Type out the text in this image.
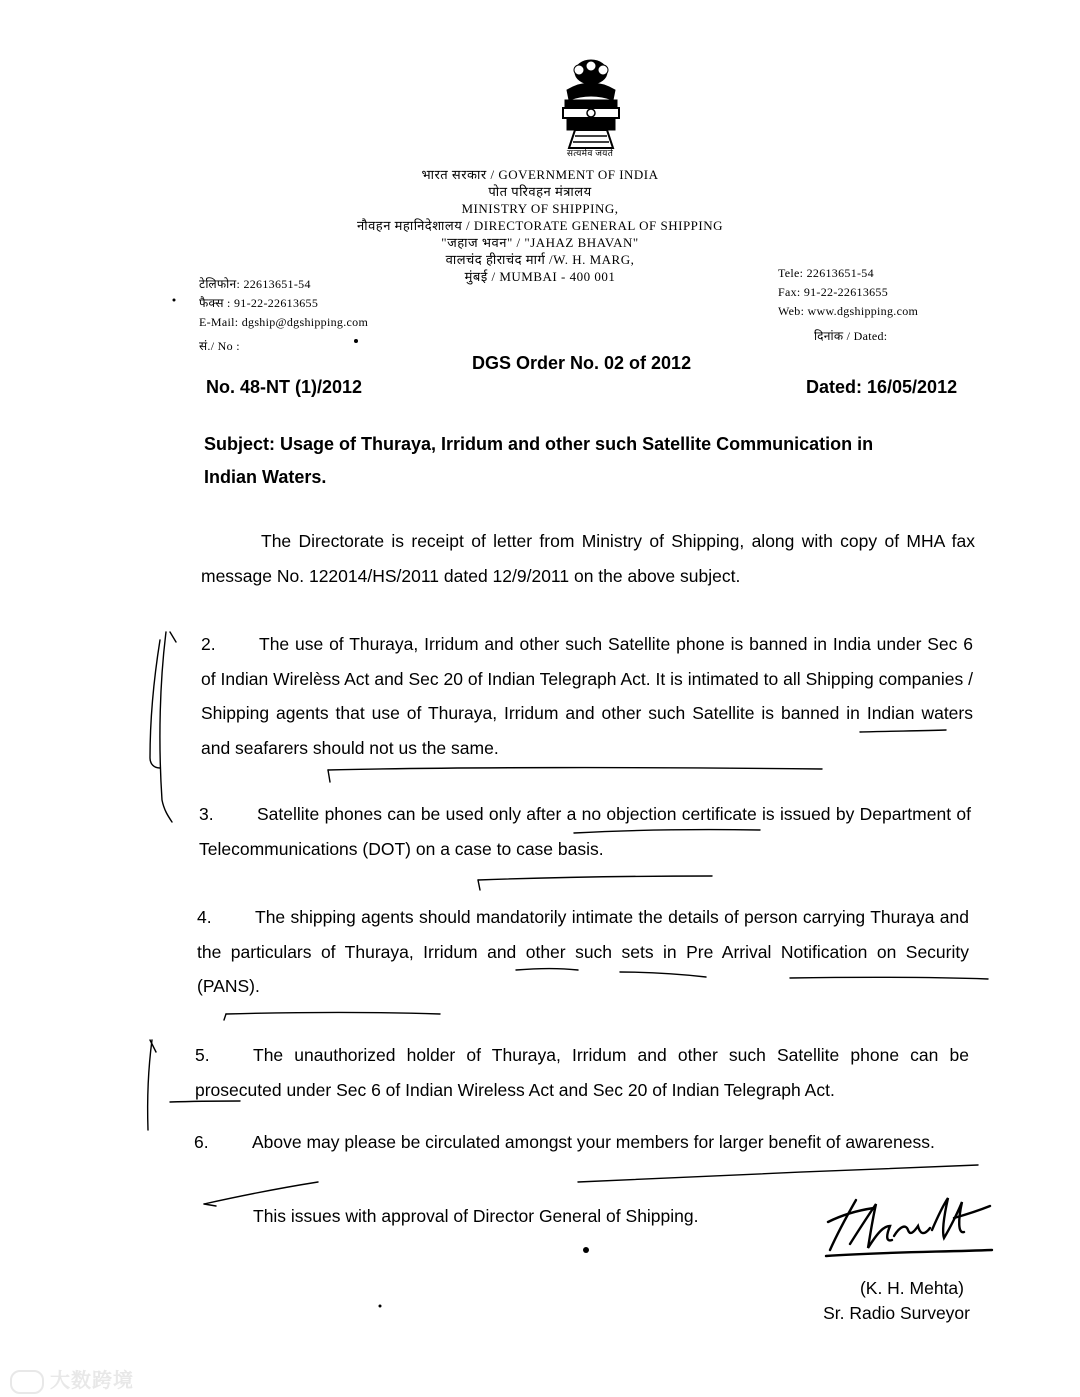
सत्यमेव जयते
भारत सरकार / GOVERNMENT OF INDIA
पोत परिवहन मंत्रालय
MINISTRY OF SHIPPING,
नौवहन महानिदेशालय / DIRECTORATE GENERAL OF SHIPPING
"जहाज भवन" / "JAHAZ BHAVAN"
वालचंद हीराचंद मार्ग /W. H. MARG,
मुंबई / MUMBAI - 400 001
टेलिफोन: 22613651-54
फैक्स : 91-22-22613655
E-Mail: dgship@dgshipping.com
सं./ No :
Tele: 22613651-54
Fax: 91-22-22613655
Web: www.dgshipping.com
दिनांक / Dated:
DGS Order No. 02 of 2012
No. 48-NT (1)/2012	Dated: 16/05/2012
Subject: Usage of Thuraya, Irridum and other such Satellite Communication in
Indian Waters.
The Directorate is receipt of letter from Ministry of Shipping, along with copy of MHA fax message No. 122014/HS/2011 dated 12/9/2011 on the above subject.
2. The use of Thuraya, Irridum and other such Satellite phone is banned in India under Sec 6 of Indian Wirelèss Act and Sec 20 of Indian Telegraph Act. It is intimated to all Shipping companies / Shipping agents that use of Thuraya, Irridum and other such Satellite is banned in Indian waters and seafarers should not us the same.
3. Satellite phones can be used only after a no objection certificate is issued by Department of Telecommunications (DOT) on a case to case basis.
4. The shipping agents should mandatorily intimate the details of person carrying Thuraya and the particulars of Thuraya, Irridum and other such sets in Pre Arrival Notification on Security (PANS).
5. The unauthorized holder of Thuraya, Irridum and other such Satellite phone can be prosecuted under Sec 6 of Indian Wireless Act and Sec 20 of Indian Telegraph Act.
6. Above may please be circulated amongst your members for larger benefit of awareness.
This issues with approval of Director General of Shipping.
(K. H. Mehta)
Sr. Radio Surveyor
大数跨境
